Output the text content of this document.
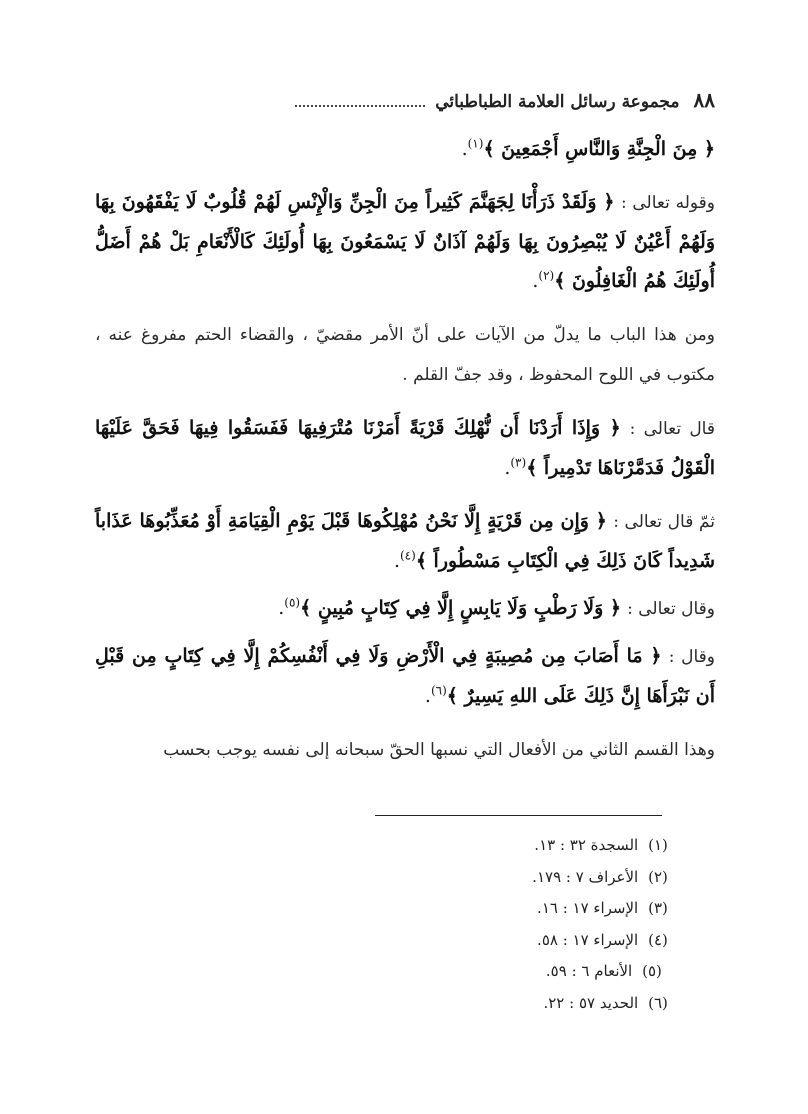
٨٨
مجموعة رسائل العلامة الطباطبائي

﴿ مِنَ الْجِنَّةِ وَالنَّاسِ أَجْمَعِينَ ﴾$^{(١)}$.

وقوله تعالى : ﴿ وَلَقَدْ ذَرَأْنَا لِجَهَنَّمَ كَثِيراً مِنَ الْجِنِّ وَالْإِنْسِ لَهُمْ قُلُوبٌ لَا يَفْقَهُونَ بِهَا وَلَهُمْ أَعْيُنٌ لَا يُبْصِرُونَ بِهَا وَلَهُمْ آذَانٌ لَا يَسْمَعُونَ بِهَا أُولَئِكَ كَالْأَنْعَامِ بَلْ هُمْ أَضَلُّ أُولَئِكَ هُمُ الْغَافِلُونَ ﴾$^{(٢)}$.

ومن هذا الباب ما يدلّ من الآيات على أنّ الأمر مقضيّ ، والقضاء الحتم مفروغ عنه ، مكتوب في اللوح المحفوظ ، وقد جفّ القلم .

قال تعالى : ﴿ وَإِذَا أَرَدْنَا أَن نُّهْلِكَ قَرْيَةً أَمَرْنَا مُتْرَفِيهَا فَفَسَقُوا فِيهَا فَحَقَّ عَلَيْهَا الْقَوْلُ فَدَمَّرْنَاهَا تَدْمِيراً ﴾$^{(٣)}$.

ثمّ قال تعالى : ﴿ وَإِن مِن قَرْيَةٍ إِلَّا نَحْنُ مُهْلِكُوهَا قَبْلَ يَوْمِ الْقِيَامَةِ أَوْ مُعَذِّبُوهَا عَذَاباً شَدِيداً كَانَ ذَلِكَ فِي الْكِتَابِ مَسْطُوراً ﴾$^{(٤)}$.

وقال تعالى : ﴿ وَلَا رَطْبٍ وَلَا يَابِسٍ إِلَّا فِي كِتَابٍ مُبِينٍ ﴾$^{(٥)}$.

وقال : ﴿ مَا أَصَابَ مِن مُصِيبَةٍ فِي الْأَرْضِ وَلَا فِي أَنْفُسِكُمْ إِلَّا فِي كِتَابٍ مِن قَبْلِ أَن نَبْرَأَهَا إِنَّ ذَلِكَ عَلَى اللهِ يَسِيرٌ ﴾$^{(٦)}$.

وهذا القسم الثاني من الأفعال التي نسبها الحقّ سبحانه إلى نفسه يوجب بحسب

(١) السجدة ٣٢ : ١٣.
(٢) الأعراف ٧ : ١٧٩.
(٣) الإسراء ١٧ : ١٦.
(٤) الإسراء ١٧ : ٥٨.
(٥) الأنعام ٦ : ٥٩.
(٦) الحديد ٥٧ : ٢٢.
